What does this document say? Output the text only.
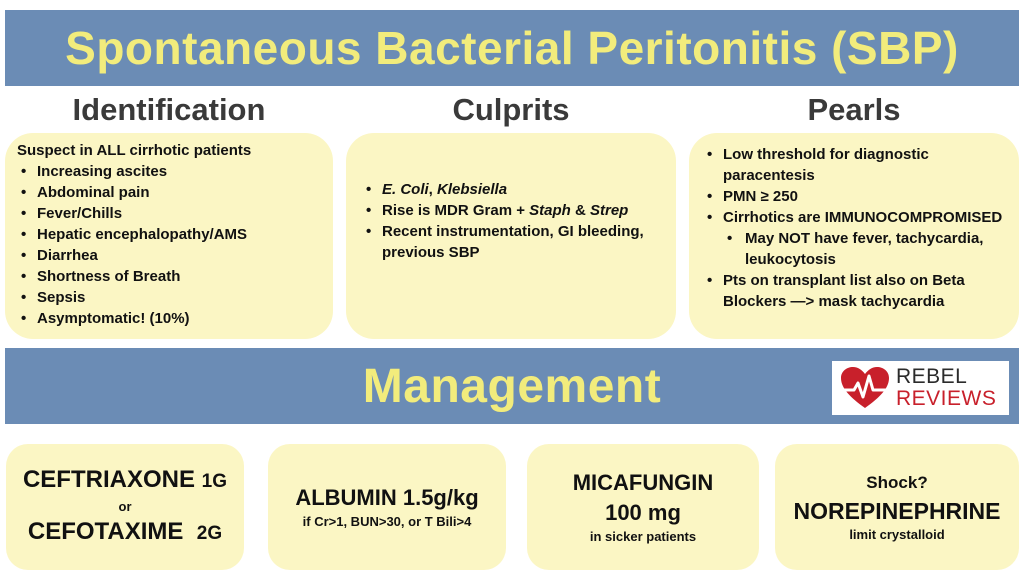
Spontaneous Bacterial Peritonitis (SBP)
Identification	Culprits	Pearls
Suspect in ALL cirrhotic patients
• Increasing ascites
• Abdominal pain
• Fever/Chills
• Hepatic encephalopathy/AMS
• Diarrhea
• Shortness of Breath
• Sepsis
• Asymptomatic! (10%)
• E. Coli, Klebsiella
• Rise is MDR Gram + Staph & Strep
• Recent instrumentation, GI bleeding, previous SBP
• Low threshold for diagnostic paracentesis
• PMN ≥ 250
• Cirrhotics are IMMUNOCOMPROMISED
• May NOT have fever, tachycardia, leukocytosis
• Pts on transplant list also on Beta Blockers —> mask tachycardia
Management	REBEL
REVIEWS
CEFTRIAXONE 1G
or
CEFOTAXIME 2G
ALBUMIN 1.5g/kg
if Cr>1, BUN>30, or T Bili>4
MICAFUNGIN
100 mg
in sicker patients
Shock?
NOREPINEPHRINE
limit crystalloid
